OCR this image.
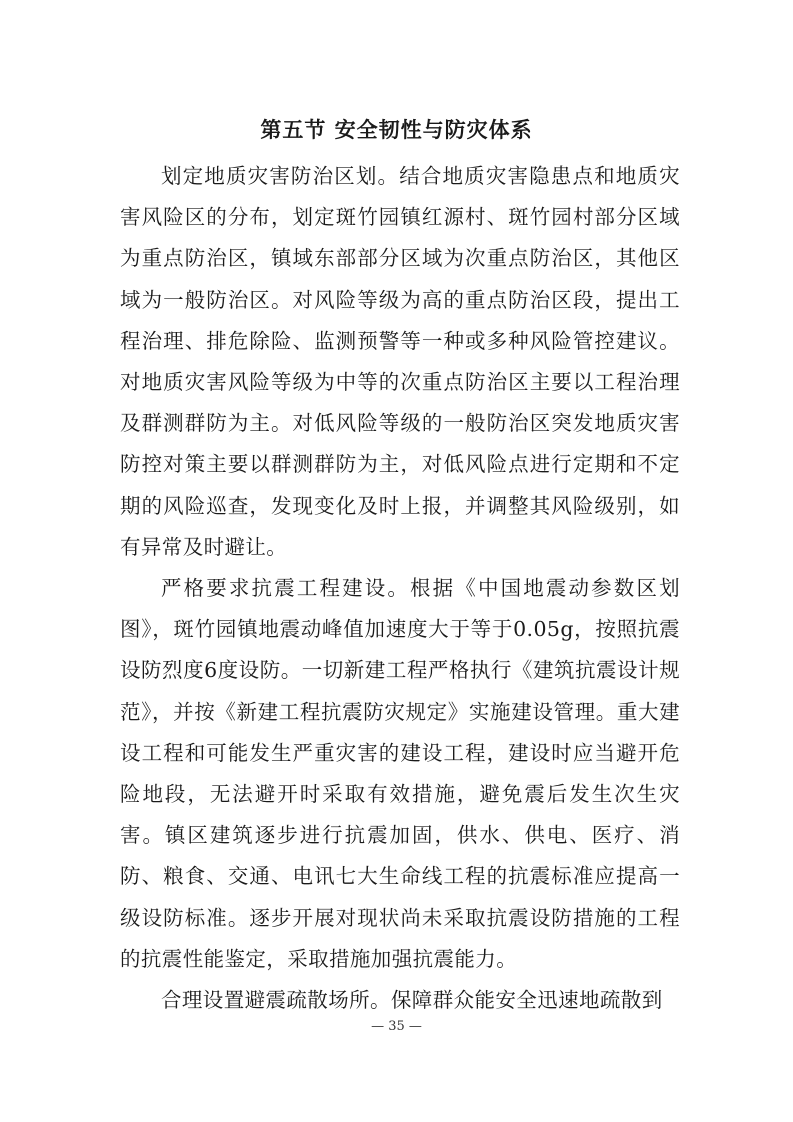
第五节 安全韧性与防灾体系

划定地质灾害防治区划。结合地质灾害隐患点和地质灾害风险区的分布，划定斑竹园镇红源村、斑竹园村部分区域为重点防治区，镇域东部部分区域为次重点防治区，其他区域为一般防治区。对风险等级为高的重点防治区段，提出工程治理、排危除险、监测预警等一种或多种风险管控建议。对地质灾害风险等级为中等的次重点防治区主要以工程治理及群测群防为主。对低风险等级的一般防治区突发地质灾害防控对策主要以群测群防为主，对低风险点进行定期和不定期的风险巡查，发现变化及时上报，并调整其风险级别，如有异常及时避让。

严格要求抗震工程建设。根据《中国地震动参数区划图》，斑竹园镇地震动峰值加速度大于等于0.05g，按照抗震设防烈度6度设防。一切新建工程严格执行《建筑抗震设计规范》，并按《新建工程抗震防灾规定》实施建设管理。重大建设工程和可能发生严重灾害的建设工程，建设时应当避开危险地段，无法避开时采取有效措施，避免震后发生次生灾害。镇区建筑逐步进行抗震加固，供水、供电、医疗、消防、粮食、交通、电讯七大生命线工程的抗震标准应提高一级设防标准。逐步开展对现状尚未采取抗震设防措施的工程的抗震性能鉴定，采取措施加强抗震能力。

合理设置避震疏散场所。保障群众能安全迅速地疏散到

— 35 —
